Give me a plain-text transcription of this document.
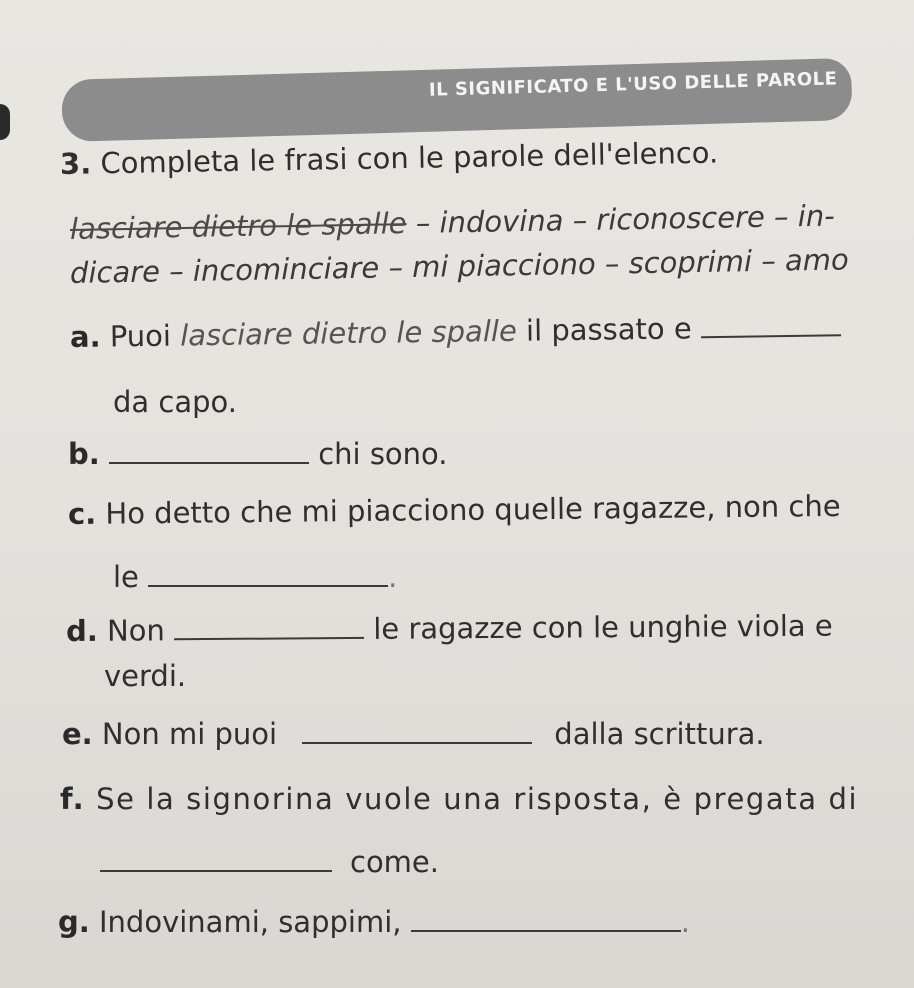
IL SIGNIFICATO E L'USO DELLE PAROLE
3. Completa le frasi con le parole dell'elenco.
lasciare dietro le spalle – indovina – riconoscere – in-
dicare – incominciare – mi piacciono – scoprimi – amo
a. Puoi lasciare dietro le spalle il passato e
da capo.
b.	chi sono.
c. Ho detto che mi piacciono quelle ragazze, non che
le	.
d. Non	le ragazze con le unghie viola e
verdi.
e. Non mi puoi	dalla scrittura.
f. Se la signorina vuole una risposta, è pregata di
come.
g. Indovinami, sappimi,	.
